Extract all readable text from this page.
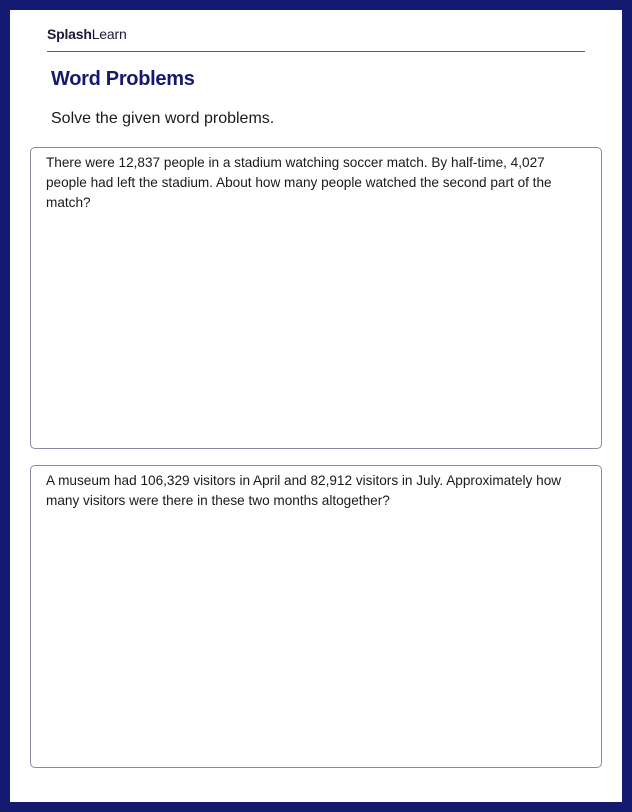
SplashLearn
Word Problems
Solve the given word problems.
There were 12,837 people in a stadium watching soccer match. By half-time, 4,027 people had left the stadium. About how many people watched the second part of the match?
A museum had 106,329 visitors in April and 82,912 visitors in July. Approximately how many visitors were there in these two months altogether?
